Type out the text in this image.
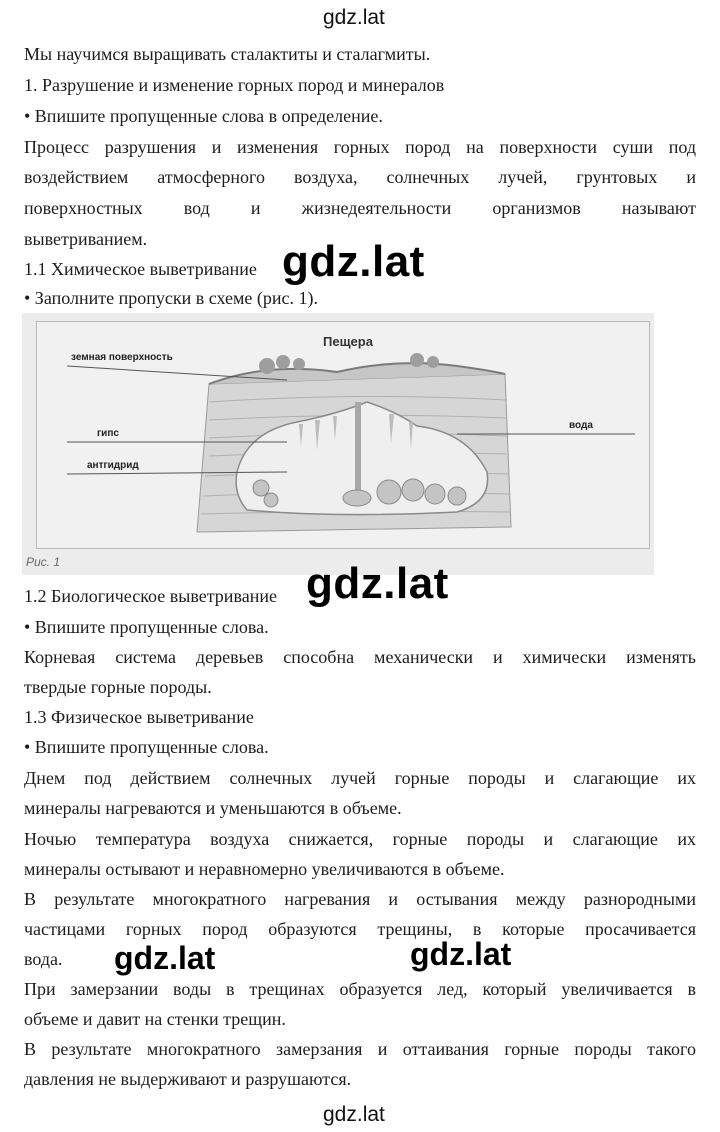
gdz.lat
Мы научимся выращивать сталактиты и сталагмиты.
1. Разрушение и изменение горных пород и минералов
• Впишите пропущенные слова в определение.
Процесс разрушения и изменения горных пород на поверхности суши под
воздействием атмосферного воздуха, солнечных лучей, грунтовых и
поверхностных вод и жизнедеятельности организмов называют
выветриванием.
1.1 Химическое выветривание
• Заполните пропуски в схеме (рис. 1).
gdz.lat
Пещера
земная поверхность
гипс
антгидрид
вода
Рис. 1
1.2 Биологическое выветривание gdz.lat
• Впишите пропущенные слова.
Корневая система деревьев способна механически и химически изменять
твердые горные породы.
1.3 Физическое выветривание
• Впишите пропущенные слова.
Днем под действием солнечных лучей горные породы и слагающие их
минералы нагреваются и уменьшаются в объеме.
Ночью температура воздуха снижается, горные породы и слагающие их
минералы остывают и неравномерно увеличиваются в объеме.
В результате многократного нагревания и остывания между разнородными
частицами горных пород образуются трещины, в которые просачивается
вода. gdz.lat	gdz.lat
При замерзании воды в трещинах образуется лед, который увеличивается в
объеме и давит на стенки трещин.
В результате многократного замерзания и оттаивания горные породы такого
давления не выдерживают и разрушаются.
gdz.lat
